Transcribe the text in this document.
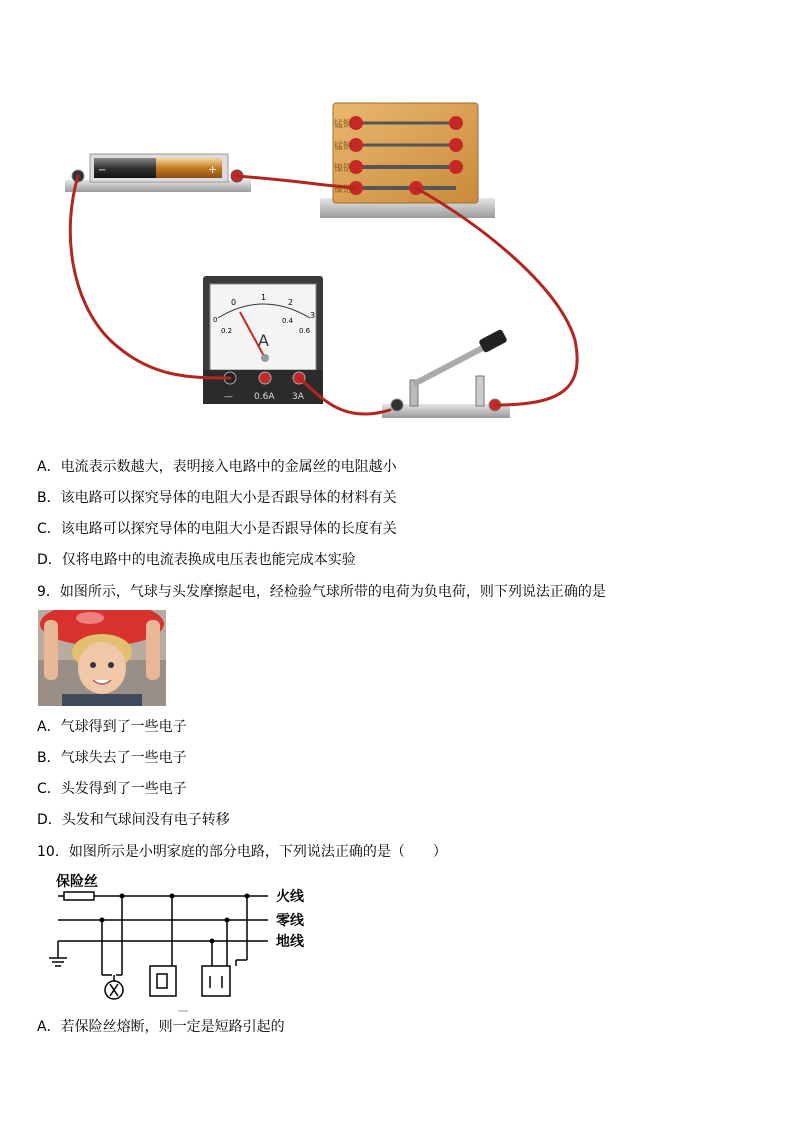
−	+
锰铜
锰铜
镍铬
镍铬
0
1
2
3
0
0.2
0.4
0.6
A
— 0.6A 3A
A．电流表示数越大，表明接入电路中的金属丝的电阻越小
B．该电路可以探究导体的电阻大小是否跟导体的材料有关
C．该电路可以探究导体的电阻大小是否跟导体的长度有关
D．仅将电路中的电流表换成电压表也能完成本实验
9．如图所示，气球与头发摩擦起电，经检验气球所带的电荷为负电荷，则下列说法正确的是
A．气球得到了一些电子
B．气球失去了一些电子
C．头发得到了一些电子
D．头发和气球间没有电子转移
10．如图所示是小明家庭的部分电路，下列说法正确的是（　　）
保险丝
火线
零线
地线
A．若保险丝熔断，则一定是短路引起的
